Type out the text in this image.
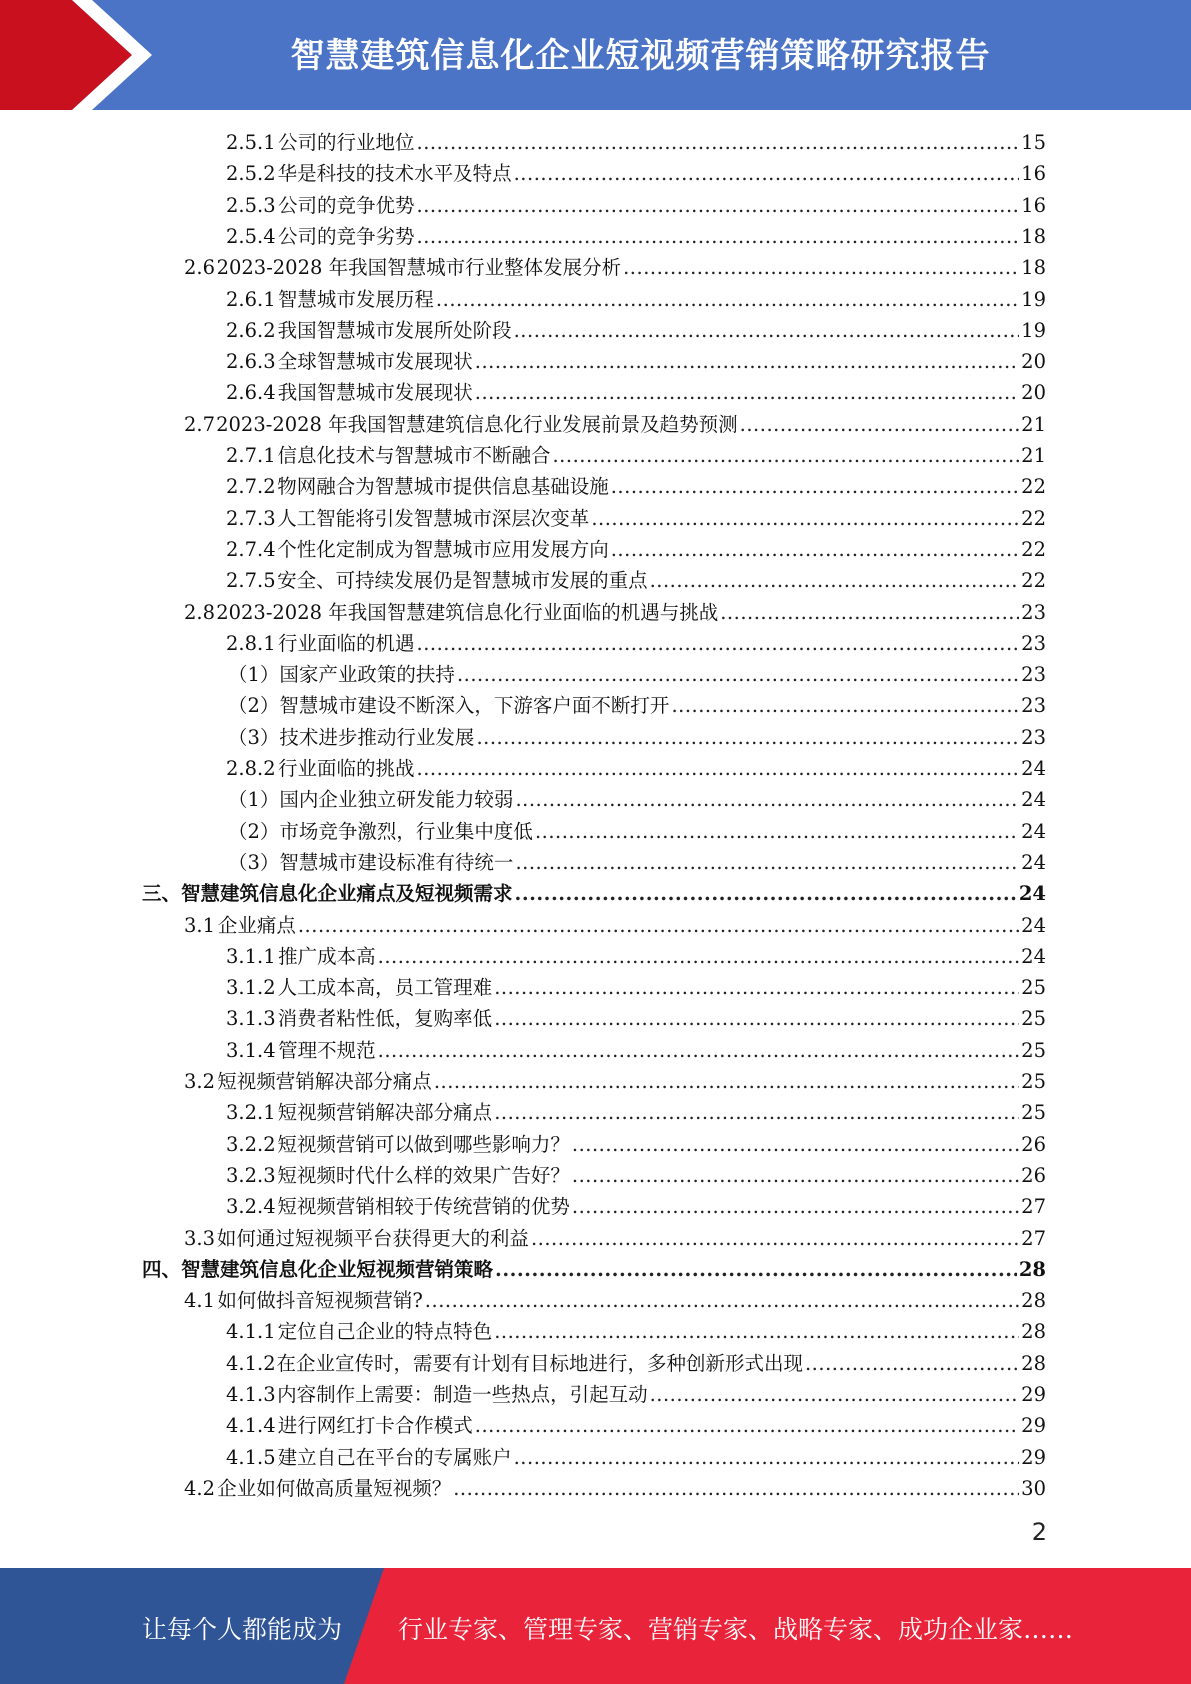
智慧建筑信息化企业短视频营销策略研究报告
2.5.1 公司的行业地位 .....	15
2.5.2 华是科技的技术水平及特点 .....	16
2.5.3 公司的竞争优势 .....	16
2.5.4 公司的竞争劣势 .....	18
2.6 2023-2028 年我国智慧城市行业整体发展分析 .....	18
2.6.1 智慧城市发展历程 .....	19
2.6.2 我国智慧城市发展所处阶段 .....	19
2.6.3 全球智慧城市发展现状 .....	20
2.6.4 我国智慧城市发展现状 .....	20
2.7 2023-2028 年我国智慧建筑信息化行业发展前景及趋势预测 .....	21
2.7.1 信息化技术与智慧城市不断融合 .....	21
2.7.2 物网融合为智慧城市提供信息基础设施 .....	22
2.7.3 人工智能将引发智慧城市深层次变革 .....	22
2.7.4 个性化定制成为智慧城市应用发展方向 .....	22
2.7.5 安全、可持续发展仍是智慧城市发展的重点 .....	22
2.8 2023-2028 年我国智慧建筑信息化行业面临的机遇与挑战 .....	23
2.8.1 行业面临的机遇 .....	23
（1） 国家产业政策的扶持 .....	23
（2） 智慧城市建设不断深入，下游客户面不断打开 .....	23
（3） 技术进步推动行业发展 .....	23
2.8.2 行业面临的挑战 .....	24
（1） 国内企业独立研发能力较弱 .....	24
（2） 市场竞争激烈，行业集中度低 .....	24
（3） 智慧城市建设标准有待统一 .....	24
三、 智慧建筑信息化企业痛点及短视频需求 .....	24
3.1 企业痛点 .....	24
3.1.1 推广成本高 .....	24
3.1.2 人工成本高，员工管理难 .....	25
3.1.3 消费者粘性低，复购率低 .....	25
3.1.4 管理不规范 .....	25
3.2 短视频营销解决部分痛点 .....	25
3.2.1 短视频营销解决部分痛点 .....	25
3.2.2 短视频营销可以做到哪些影响力？ .....	26
3.2.3 短视频时代什么样的效果广告好？ .....	26
3.2.4 短视频营销相较于传统营销的优势 .....	27
3.3 如何通过短视频平台获得更大的利益 .....	27
四、 智慧建筑信息化企业短视频营销策略 .....	28
4.1 如何做抖音短视频营销? .....	28
4.1.1 定位自己企业的特点特色 .....	28
4.1.2 在企业宣传时，需要有计划有目标地进行，多种创新形式出现 .....	28
4.1.3 内容制作上需要：制造一些热点，引起互动 .....	29
4.1.4 进行网红打卡合作模式 .....	29
4.1.5 建立自己在平台的专属账户 .....	29
4.2 企业如何做高质量短视频？ .....	30
2
让每个人都能成为 行业专家、管理专家、营销专家、战略专家、成功企业家……
